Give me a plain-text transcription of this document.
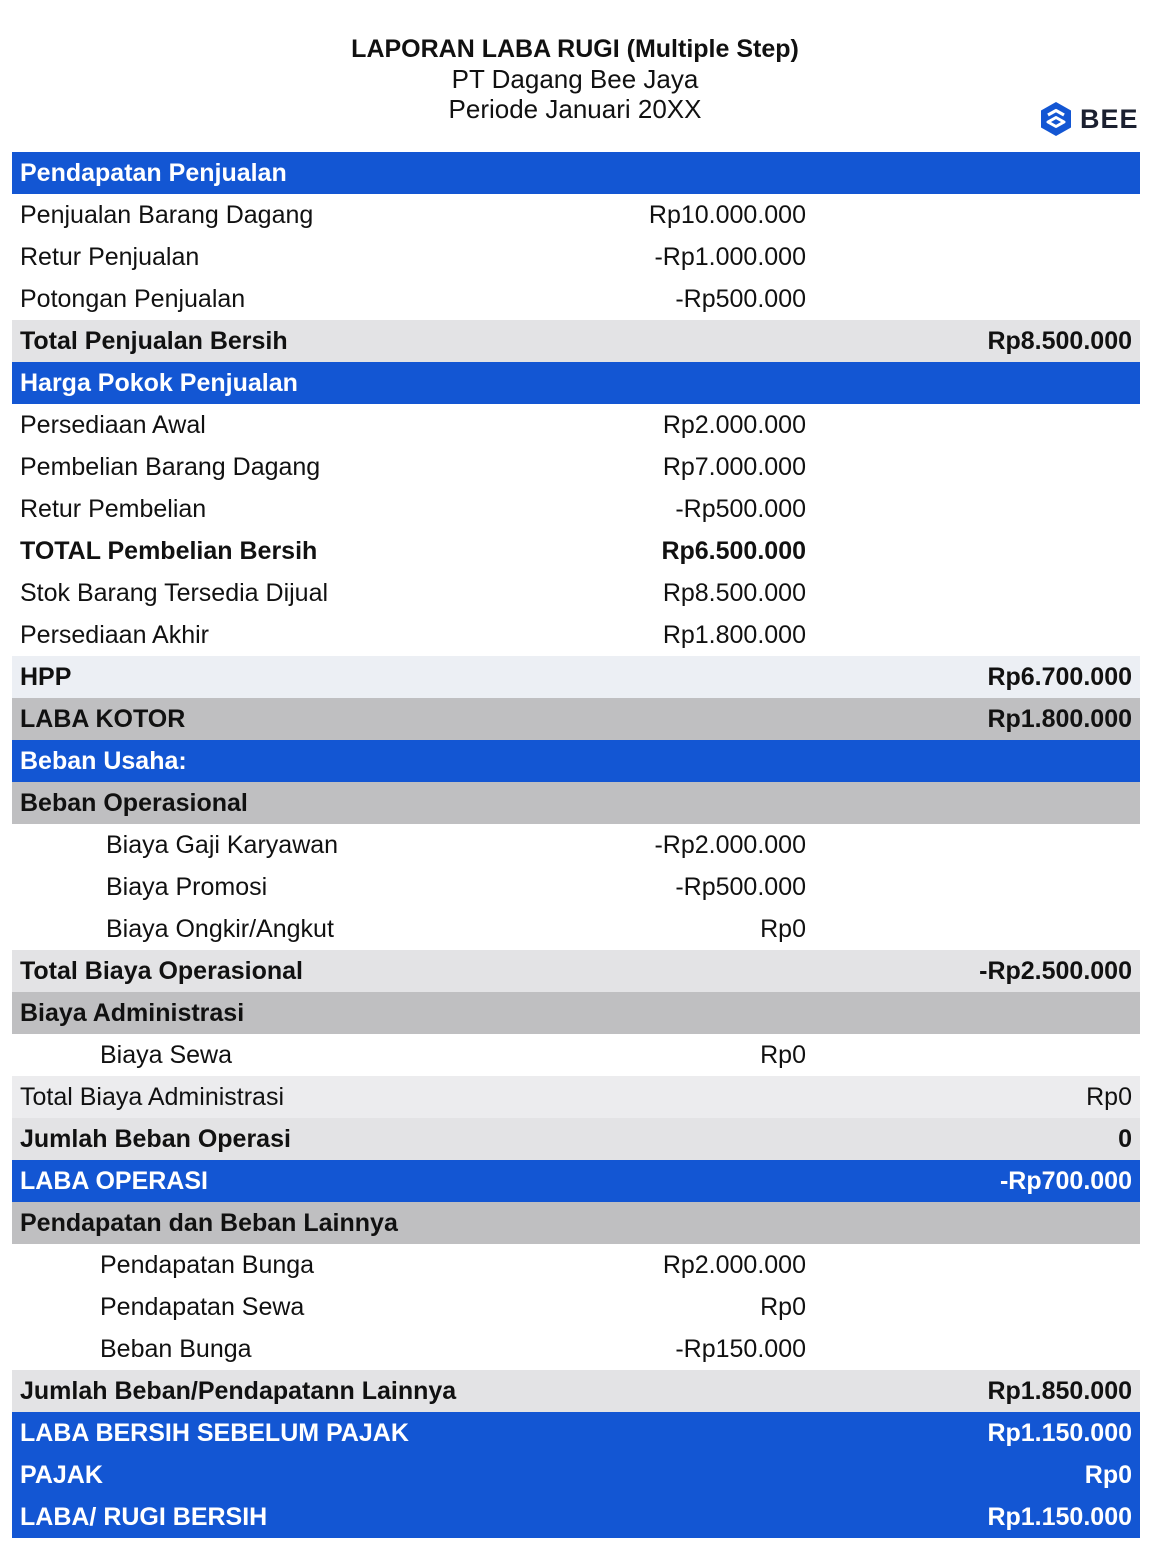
LAPORAN LABA RUGI (Multiple Step)
PT Dagang Bee Jaya
Periode Januari 20XX	BEE
Pendapatan Penjualan
Penjualan Barang Dagang	Rp10.000.000
Retur Penjualan	-Rp1.000.000
Potongan Penjualan	-Rp500.000
Total Penjualan Bersih	Rp8.500.000
Harga Pokok Penjualan
Persediaan Awal	Rp2.000.000
Pembelian Barang Dagang	Rp7.000.000
Retur Pembelian	-Rp500.000
TOTAL Pembelian Bersih	Rp6.500.000
Stok Barang Tersedia Dijual	Rp8.500.000
Persediaan Akhir	Rp1.800.000
HPP	Rp6.700.000
LABA KOTOR	Rp1.800.000
Beban Usaha:
Beban Operasional
Biaya Gaji Karyawan	-Rp2.000.000
Biaya Promosi	-Rp500.000
Biaya Ongkir/Angkut	Rp0
Total Biaya Operasional	-Rp2.500.000
Biaya Administrasi
Biaya Sewa	Rp0
Total Biaya Administrasi	Rp0
Jumlah Beban Operasi	0
LABA OPERASI	-Rp700.000
Pendapatan dan Beban Lainnya
Pendapatan Bunga	Rp2.000.000
Pendapatan Sewa	Rp0
Beban Bunga	-Rp150.000
Jumlah Beban/Pendapatann Lainnya	Rp1.850.000
LABA BERSIH SEBELUM PAJAK	Rp1.150.000
PAJAK	Rp0
LABA/ RUGI BERSIH	Rp1.150.000
